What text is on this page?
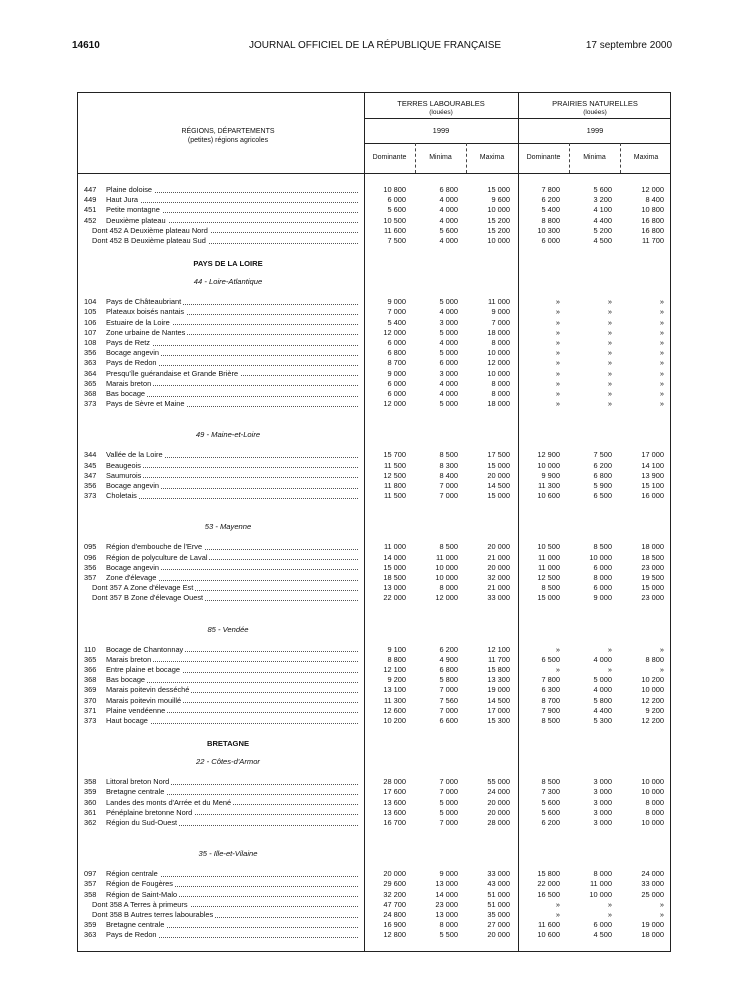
14610	JOURNAL OFFICIEL DE LA RÉPUBLIQUE FRANÇAISE	17 septembre 2000
RÉGIONS, DÉPARTEMENTS
(petites) régions agricoles
TERRES LABOURABLES
(louées)
PRAIRIES NATURELLES
(louées)
1999	1999
Dominante	Minima	Maxima	Dominante	Minima	Maxima
447	Plaine doloise	10 800	6 800	15 000	7 800	5 600	12 000
449	Haut Jura	6 000	4 000	9 600	6 200	3 200	8 400
451	Petite montagne	5 600	4 000	10 000	5 400	4 100	10 800
452	Deuxième plateau	10 500	4 000	15 200	8 800	4 400	16 800
Dont 452 A Deuxième plateau Nord	11 600	5 600	15 200	10 300	5 200	16 800
Dont 452 B Deuxième plateau Sud	7 500	4 000	10 000	6 000	4 500	11 700
PAYS DE LA LOIRE
44 - Loire-Atlantique
104	Pays de Châteaubriant	9 000	5 000	11 000	»	»	»
105	Plateaux boisés nantais	7 000	4 000	9 000	»	»	»
106	Estuaire de la Loire	5 400	3 000	7 000	»	»	»
107	Zone urbaine de Nantes	12 000	5 000	18 000	»	»	»
108	Pays de Retz	6 000	4 000	8 000	»	»	»
356	Bocage angevin	6 800	5 000	10 000	»	»	»
363	Pays de Redon	8 700	6 000	12 000	»	»	»
364	Presqu'île guérandaise et Grande Brière	9 000	3 000	10 000	»	»	»
365	Marais breton	6 000	4 000	8 000	»	»	»
368	Bas bocage	6 000	4 000	8 000	»	»	»
373	Pays de Sèvre et Maine	12 000	5 000	18 000	»	»	»
49 - Maine-et-Loire
344	Vallée de la Loire	15 700	8 500	17 500	12 900	7 500	17 000
345	Beaugeois	11 500	8 300	15 000	10 000	6 200	14 100
347	Saumurois	12 500	8 400	20 000	9 900	6 800	13 900
356	Bocage angevin	11 800	7 000	14 500	11 300	5 900	15 100
373	Choletais	11 500	7 000	15 000	10 600	6 500	16 000
53 - Mayenne
095	Région d'embouche de l'Erve	11 000	8 500	20 000	10 500	8 500	18 000
096	Région de polyculture de Laval	14 000	11 000	21 000	11 000	10 000	18 500
356	Bocage angevin	15 000	10 000	20 000	11 000	6 000	23 000
357	Zone d'élevage	18 500	10 000	32 000	12 500	8 000	19 500
Dont 357 A Zone d'élevage Est	13 000	8 000	21 000	8 500	6 000	15 000
Dont 357 B Zone d'élevage Ouest	22 000	12 000	33 000	15 000	9 000	23 000
85 - Vendée
110	Bocage de Chantonnay	9 100	6 200	12 100	»	»	»
365	Marais breton	8 800	4 900	11 700	6 500	4 000	8 800
366	Entre plaine et bocage	12 100	6 800	15 800	»	»	»
368	Bas bocage	9 200	5 800	13 300	7 800	5 000	10 200
369	Marais poitevin desséché	13 100	7 000	19 000	6 300	4 000	10 000
370	Marais poitevin mouillé	11 300	7 560	14 500	8 700	5 800	12 200
371	Plaine vendéenne	12 600	7 000	17 000	7 900	4 400	9 200
373	Haut bocage	10 200	6 600	15 300	8 500	5 300	12 200
BRETAGNE
22 - Côtes-d'Armor
358	Littoral breton Nord	28 000	7 000	55 000	8 500	3 000	10 000
359	Bretagne centrale	17 600	7 000	24 000	7 300	3 000	10 000
360	Landes des monts d'Arrée et du Mené	13 600	5 000	20 000	5 600	3 000	8 000
361	Pénéplaine bretonne Nord	13 600	5 000	20 000	5 600	3 000	8 000
362	Région du Sud-Ouest	16 700	7 000	28 000	6 200	3 000	10 000
35 - Ille-et-Vilaine
097	Région centrale	20 000	9 000	33 000	15 800	8 000	24 000
357	Région de Fougères	29 600	13 000	43 000	22 000	11 000	33 000
358	Région de Saint-Malo	32 200	14 000	51 000	16 500	10 000	25 000
Dont 358 A Terres à primeurs	47 700	23 000	51 000	»	»	»
Dont 358 B Autres terres labourables	24 800	13 000	35 000	»	»	»
359	Bretagne centrale	16 900	8 000	27 000	11 600	6 000	19 000
363	Pays de Redon	12 800	5 500	20 000	10 600	4 500	18 000
